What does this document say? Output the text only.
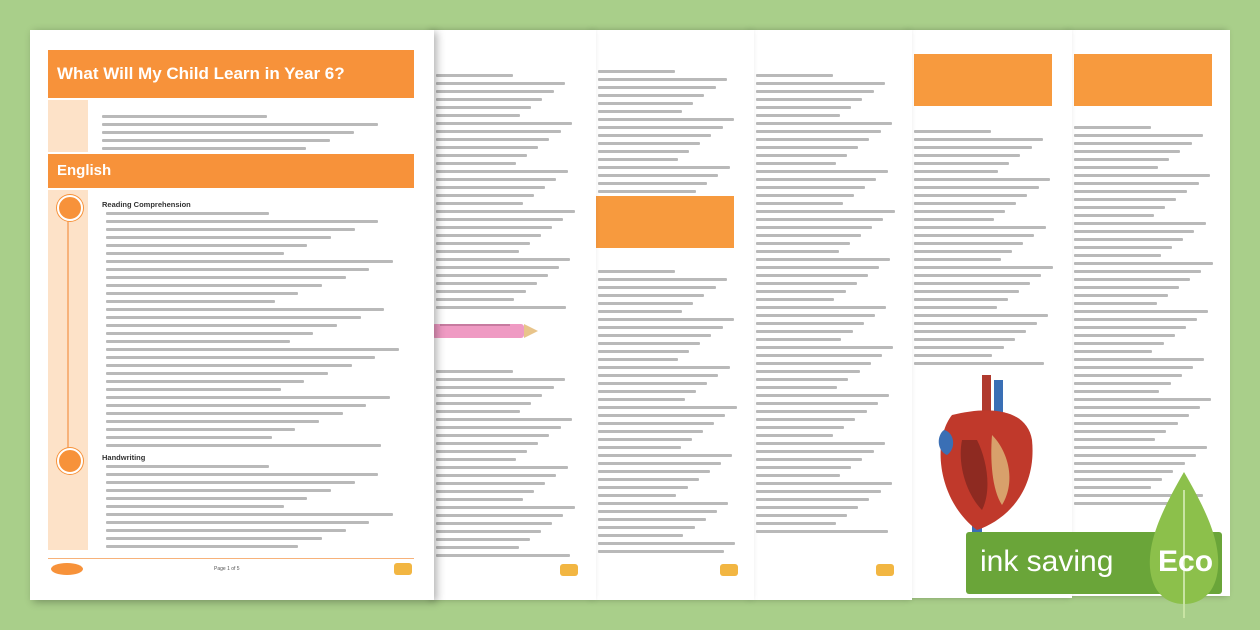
What Will My Child Learn in Year 6?
English
Reading Comprehension
Handwriting
Page 1 of 5	ink saving Eco
